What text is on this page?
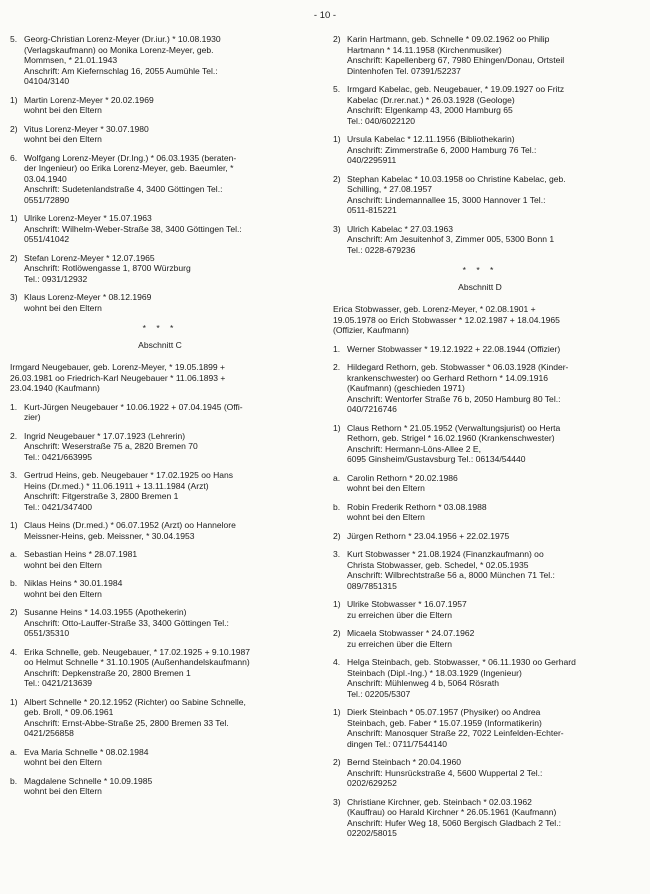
- 10 -
5. Georg-Christian Lorenz-Meyer (Dr.iur.) * 10.08.1930
(Verlagskaufmann) oo Monika Lorenz-Meyer, geb.
Mommsen, * 21.01.1943
Anschrift: Am Kiefernschlag 16, 2055 Aumühle Tel.:
04104/3140
1) Martin Lorenz-Meyer * 20.02.1969
wohnt bei den Eltern
2) Vitus Lorenz-Meyer * 30.07.1980
wohnt bei den Eltern
6. Wolfgang Lorenz-Meyer (Dr.Ing.) * 06.03.1935 (beraten-
der Ingenieur) oo Erika Lorenz-Meyer, geb. Baeumler, *
03.04.1940
Anschrift: Sudetenlandstraße 4, 3400 Göttingen Tel.:
0551/72890
1) Ulrike Lorenz-Meyer * 15.07.1963
Anschrift: Wilhelm-Weber-Straße 38, 3400 Göttingen Tel.:
0551/41042
2) Stefan Lorenz-Meyer * 12.07.1965
Anschrift: Rotlöwengasse 1, 8700 Würzburg
Tel.: 0931/12932
3) Klaus Lorenz-Meyer * 08.12.1969
wohnt bei den Eltern
* * *
Abschnitt C
Irmgard Neugebauer, geb. Lorenz-Meyer, * 19.05.1899 +
26.03.1981 oo Friedrich-Karl Neugebauer * 11.06.1893 +
23.04.1940 (Kaufmann)
1. Kurt-Jürgen Neugebauer * 10.06.1922 + 07.04.1945 (Offi-
zier)
2. Ingrid Neugebauer * 17.07.1923 (Lehrerin)
Anschrift: Weserstraße 75 a, 2820 Bremen 70
Tel.: 0421/663995
3. Gertrud Heins, geb. Neugebauer * 17.02.1925 oo Hans
Heins (Dr.med.) * 11.06.1911 + 13.11.1984 (Arzt)
Anschrift: Fitgerstraße 3, 2800 Bremen 1
Tel.: 0421/347400
1) Claus Heins (Dr.med.) * 06.07.1952 (Arzt) oo Hannelore
Meissner-Heins, geb. Meissner, * 30.04.1953
a. Sebastian Heins * 28.07.1981
wohnt bei den Eltern
b. Niklas Heins * 30.01.1984
wohnt bei den Eltern
2) Susanne Heins * 14.03.1955 (Apothekerin)
Anschrift: Otto-Lauffer-Straße 33, 3400 Göttingen Tel.:
0551/35310
4. Erika Schnelle, geb. Neugebauer, * 17.02.1925 + 9.10.1987
oo Helmut Schnelle * 31.10.1905 (Außenhandelskaufmann)
Anschrift: Depkenstraße 20, 2800 Bremen 1
Tel.: 0421/213639
1) Albert Schnelle * 20.12.1952 (Richter) oo Sabine Schnelle,
geb. Broll, * 09.06.1961
Anschrift: Ernst-Abbe-Straße 25, 2800 Bremen 33 Tel.
0421/256858
a. Eva Maria Schnelle * 08.02.1984
wohnt bei den Eltern
b. Magdalene Schnelle * 10.09.1985
wohnt bei den Eltern
2) Karin Hartmann, geb. Schnelle * 09.02.1962 oo Philip
Hartmann * 14.11.1958 (Kirchenmusiker)
Anschrift: Kapellenberg 67, 7980 Ehingen/Donau, Ortsteil
Dintenhofen Tel. 07391/52237
5. Irmgard Kabelac, geb. Neugebauer, * 19.09.1927 oo Fritz
Kabelac (Dr.rer.nat.) * 26.03.1928 (Geologe)
Anschrift: Elgenkamp 43, 2000 Hamburg 65
Tel.: 040/6022120
1) Ursula Kabelac * 12.11.1956 (Bibliothekarin)
Anschrift: Zimmerstraße 6, 2000 Hamburg 76 Tel.:
040/2295911
2) Stephan Kabelac * 10.03.1958 oo Christine Kabelac, geb.
Schilling, * 27.08.1957
Anschrift: Lindemannallee 15, 3000 Hannover 1 Tel.:
0511-815221
3) Ulrich Kabelac * 27.03.1963
Anschrift: Am Jesuitenhof 3, Zimmer 005, 5300 Bonn 1
Tel.: 0228-679236
* * *
Abschnitt D
Erica Stobwasser, geb. Lorenz-Meyer, * 02.08.1901 +
19.05.1978 oo Erich Stobwasser * 12.02.1987 + 18.04.1965
(Offizier, Kaufmann)
1. Werner Stobwasser * 19.12.1922 + 22.08.1944 (Offizier)
2. Hildegard Rethorn, geb. Stobwasser * 06.03.1928 (Kinder-
krankenschwester) oo Gerhard Rethorn * 14.09.1916
(Kaufmann) (geschieden 1971)
Anschrift: Wentorfer Straße 76 b, 2050 Hamburg 80 Tel.:
040/7216746
1) Claus Rethorn * 21.05.1952 (Verwaltungsjurist) oo Herta
Rethorn, geb. Strigel * 16.02.1960 (Krankenschwester)
Anschrift: Hermann-Löns-Allee 2 E,
6095 Ginsheim/Gustavsburg Tel.: 06134/54440
a. Carolin Rethorn * 20.02.1986
wohnt bei den Eltern
b. Robin Frederik Rethorn * 03.08.1988
wohnt bei den Eltern
2) Jürgen Rethorn * 23.04.1956 + 22.02.1975
3. Kurt Stobwasser * 21.08.1924 (Finanzkaufmann) oo
Christa Stobwasser, geb. Schedel, * 02.05.1935
Anschrift: Wilbrechtstraße 56 a, 8000 München 71 Tel.:
089/7851315
1) Ulrike Stobwasser * 16.07.1957
zu erreichen über die Eltern
2) Micaela Stobwasser * 24.07.1962
zu erreichen über die Eltern
4. Helga Steinbach, geb. Stobwasser, * 06.11.1930 oo Gerhard
Steinbach (Dipl.-Ing.) * 18.03.1929 (Ingenieur)
Anschrift: Mühlenweg 4 b, 5064 Rösrath
Tel.: 02205/5307
1) Dierk Steinbach * 05.07.1957 (Physiker) oo Andrea
Steinbach, geb. Faber * 15.07.1959 (Informatikerin)
Anschrift: Manosquer Straße 22, 7022 Leinfelden-Echter-
dingen Tel.: 0711/7544140
2) Bernd Steinbach * 20.04.1960
Anschrift: Hunsrückstraße 4, 5600 Wuppertal 2 Tel.:
0202/629252
3) Christiane Kirchner, geb. Steinbach * 02.03.1962
(Kauffrau) oo Harald Kirchner * 26.05.1961 (Kaufmann)
Anschrift: Hufer Weg 18, 5060 Bergisch Gladbach 2 Tel.:
02202/58015
